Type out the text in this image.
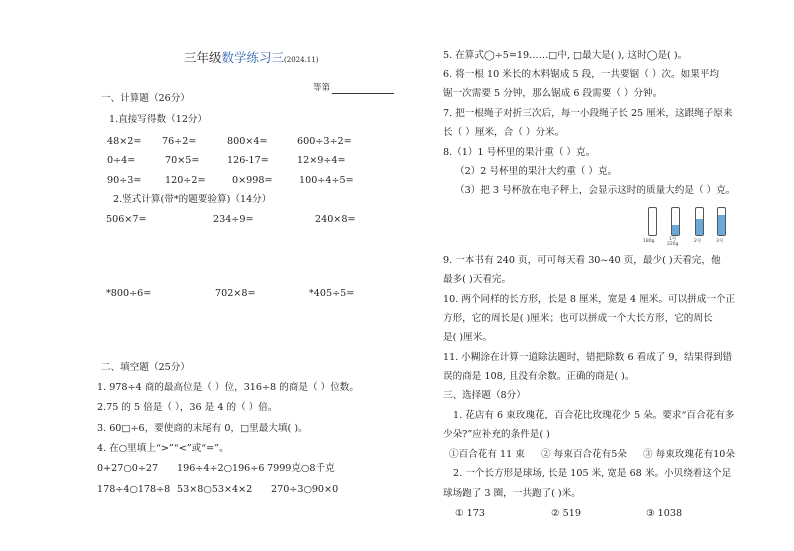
三年级数学练习三(2024.11)
等第
一、计算题（26分）
1.直接写得数（12分）
48×2= 76÷2=	800×4=	600÷3÷2=
0÷4=	70×5=	126-17=	12×9÷4=
90÷3= 120÷2=	0×998=	100÷4÷5=
2.竖式计算(带*的题要验算)（14分）
506×7=	234÷9=	240×8=
*800÷6=	702×8=	*405÷5=
二、填空题（25分）
1. 978÷4 商的最高位是（ ）位，316÷8 的商是（ ）位数。
2.75 的 5 倍是（ ），36 是 4 的（ ）倍。
3. 60□÷6，要使商的末尾有 0，□里最大填( )。
4. 在○里填上“>”“<”或“=”。
0+27○0÷27 196÷4÷2○196÷6 7999克○8千克
178÷4○178÷8 53×8○53×4×2 270÷3○90×0
5. 在算式◯÷5=19……□中, □最大是( ), 这时◯是( )。
6. 将一根 10 米长的木料锯成 5 段，一共要锯（ ）次。如果平均
锯一次需要 5 分钟，那么锯成 6 段需要（ ）分钟。
7. 把一根绳子对折三次后，每一小段绳子长 25 厘米，这跟绳子原来
长（ ）厘米，合（ ）分米。
8.（1）1 号杯里的果汁重（ ）克。
（2）2 号杯里的果汁大约重（ ）克。
（3）把 3 号杯放在电子秤上，会显示这时的质量大约是（ ）克。
180g	1号
220g
2号	3号
9. 一本书有 240 页，可可每天看 30~40 页，最少( )天看完，他
最多( )天看完。
10. 两个同样的长方形，长是 8 厘米，宽是 4 厘米。可以拼成一个正
方形，它的周长是( )厘米；也可以拼成一个大长方形，它的周长
是( )厘米。
11. 小糊涂在计算一道除法题时，错把除数 6 看成了 9，结果得到错
误的商是 108, 且没有余数。正确的商是( )。
三、选择题（8分）
1. 花店有 6 束玫瑰花，百合花比玫瑰花少 5 朵。要求“百合花有多
少朵?”应补充的条件是( )
①百合花有 11 束 ② 每束百合花有5朵 ③ 每束玫瑰花有10朵
2. 一个长方形是球场, 长是 105 米, 宽是 68 米。小贝绕着这个足
球场跑了 3 圈，一共跑了( )米。
① 173	② 519	③ 1038
